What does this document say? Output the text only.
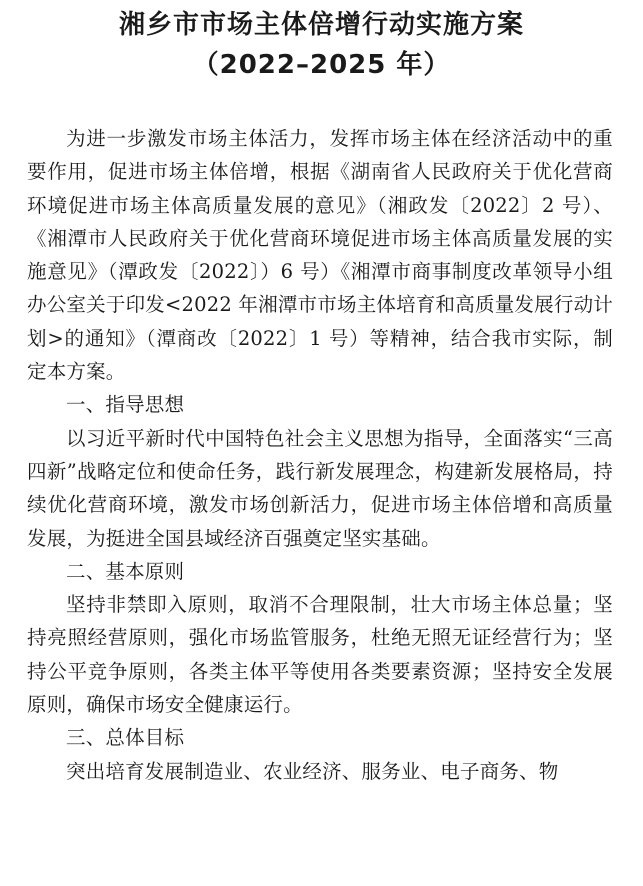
湘乡市市场主体倍增行动实施方案
（2022–2025 年）

为进一步激发市场主体活力，发挥市场主体在经济活动中的重要作用，促进市场主体倍增，根据《湖南省人民政府关于优化营商环境促进市场主体高质量发展的意见》（湘政发〔2022〕2 号）、《湘潭市人民政府关于优化营商环境促进市场主体高质量发展的实施意见》（潭政发〔2022〕）6 号）《湘潭市商事制度改革领导小组办公室关于印发<2022 年湘潭市市场主体培育和高质量发展行动计划>的通知》（潭商改〔2022〕1 号）等精神，结合我市实际，制定本方案。

一、指导思想

以习近平新时代中国特色社会主义思想为指导，全面落实“三高四新”战略定位和使命任务，践行新发展理念，构建新发展格局，持续优化营商环境，激发市场创新活力，促进市场主体倍增和高质量发展，为挺进全国县域经济百强奠定坚实基础。

二、基本原则

坚持非禁即入原则，取消不合理限制，壮大市场主体总量；坚持亮照经营原则，强化市场监管服务，杜绝无照无证经营行为；坚持公平竞争原则，各类主体平等使用各类要素资源；坚持安全发展原则，确保市场安全健康运行。

三、总体目标

突出培育发展制造业、农业经济、服务业、电子商务、物
